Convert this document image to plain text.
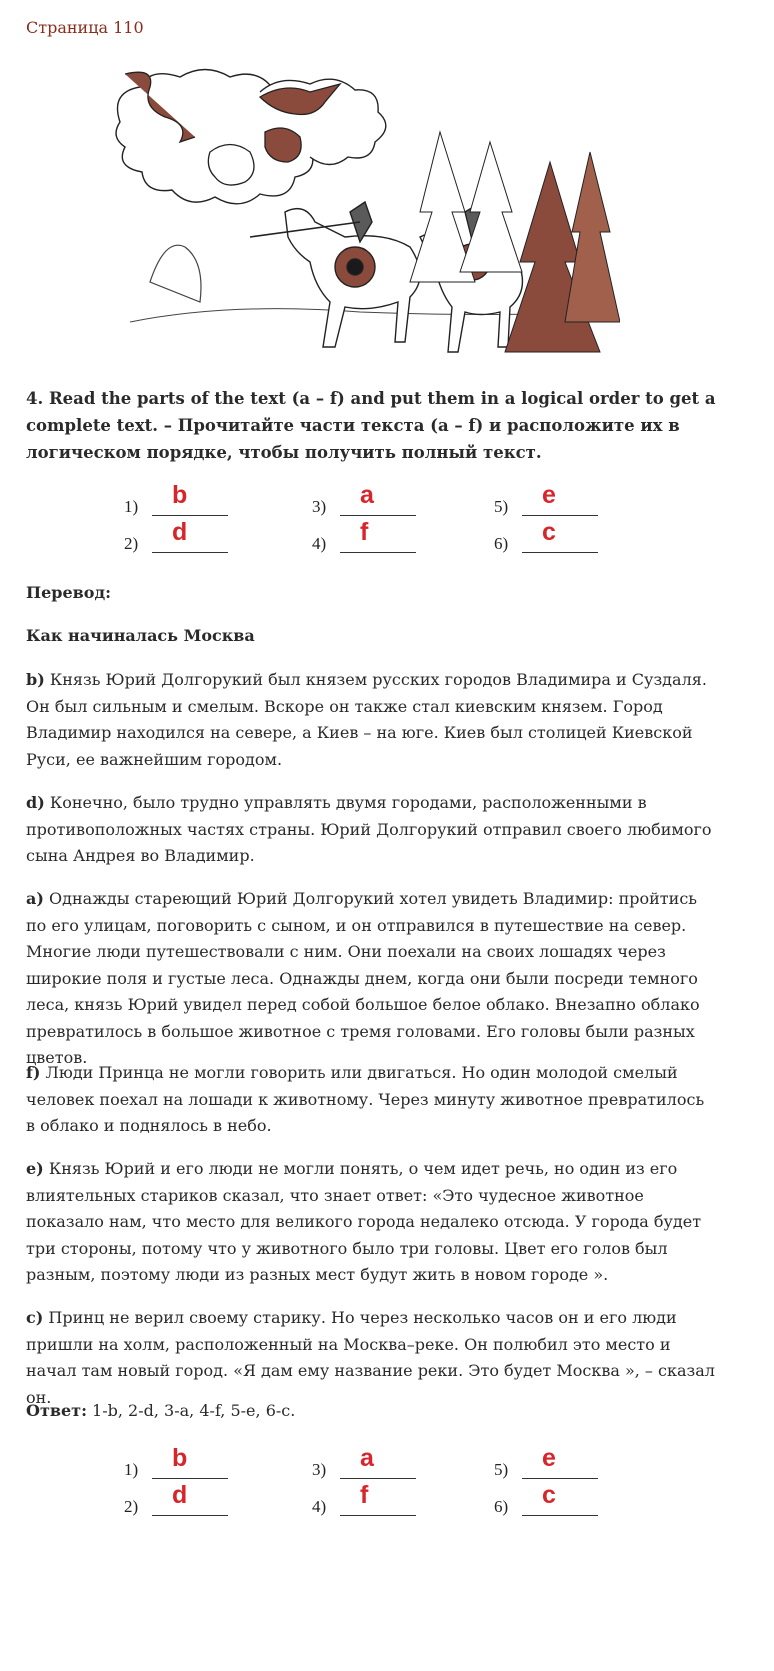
Страница 110
4. Read the parts of the text (a – f) and put them in a logical order to get a complete text. – Прочитайте части текста (a – f) и расположите их в логическом порядке, чтобы получить полный текст.
1) b
2) d
3) a
4) f
5) e
6) c
Перевод:
Как начиналась Москва
b) Князь Юрий Долгорукий был князем русских городов Владимира и Суздаля. Он был сильным и смелым. Вскоре он также стал киевским князем. Город Владимир находился на севере, а Киев – на юге. Киев был столицей Киевской Руси, ее важнейшим городом.
d) Конечно, было трудно управлять двумя городами, расположенными в противоположных частях страны. Юрий Долгорукий отправил своего любимого сына Андрея во Владимир.
a) Однажды стареющий Юрий Долгорукий хотел увидеть Владимир: пройтись по его улицам, поговорить с сыном, и он отправился в путешествие на север. Многие люди путешествовали с ним. Они поехали на своих лошадях через широкие поля и густые леса. Однажды днем, когда они были посреди темного леса, князь Юрий увидел перед собой большое белое облако. Внезапно облако превратилось в большое животное с тремя головами. Его головы были разных цветов.
f) Люди Принца не могли говорить или двигаться. Но один молодой смелый человек поехал на лошади к животному. Через минуту животное превратилось в облако и поднялось в небо.
e) Князь Юрий и его люди не могли понять, о чем идет речь, но один из его влиятельных стариков сказал, что знает ответ: «Это чудесное животное показало нам, что место для великого города недалеко отсюда. У города будет три стороны, потому что у животного было три головы. Цвет его голов был разным, поэтому люди из разных мест будут жить в новом городе ».
c) Принц не верил своему старику. Но через несколько часов он и его люди пришли на холм, расположенный на Москва–реке. Он полюбил это место и начал там новый город. «Я дам ему название реки. Это будет Москва », – сказал он.
Ответ: 1-b, 2-d, 3-a, 4-f, 5-e, 6-c.
1) b
2) d
3) a
4) f
5) e
6) c
